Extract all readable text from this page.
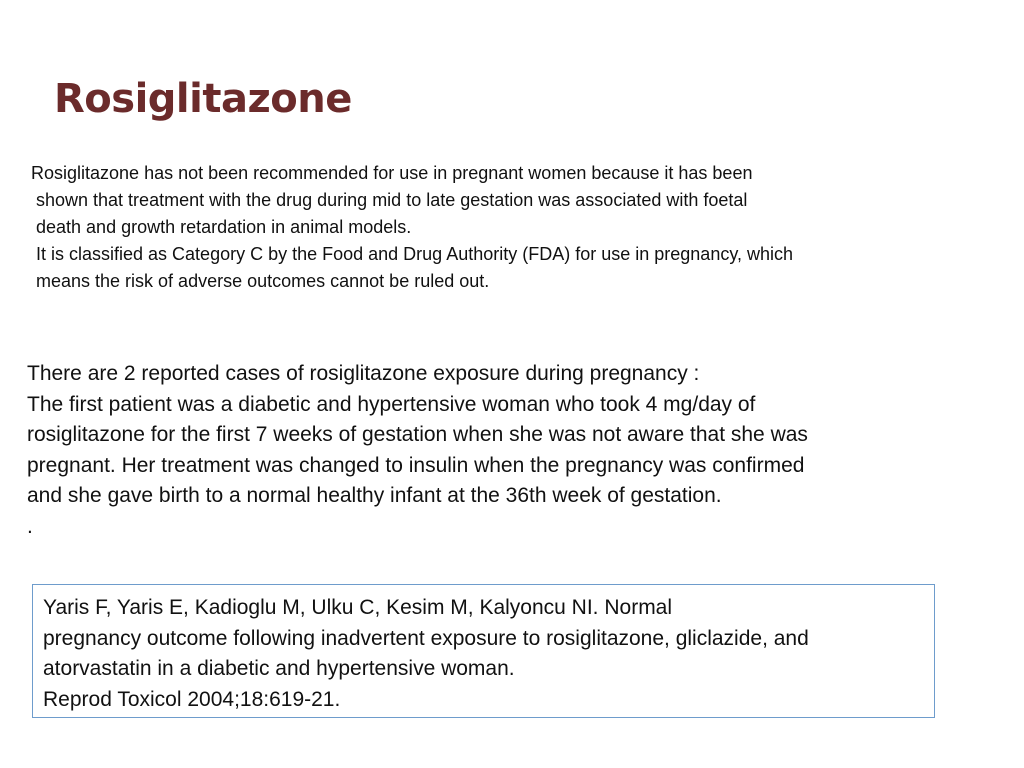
Rosiglitazone
Rosiglitazone has not been recommended for use in pregnant women because it has been
shown that treatment with the drug during mid to late gestation was associated with foetal
death and growth retardation in animal models.
It is classified as Category C by the Food and Drug Authority (FDA) for use in pregnancy, which
means the risk of adverse outcomes cannot be ruled out.
There are 2 reported cases of rosiglitazone exposure during pregnancy :
The first patient was a diabetic and hypertensive woman who took 4 mg/day of
rosiglitazone for the first 7 weeks of gestation when she was not aware that she was
pregnant. Her treatment was changed to insulin when the pregnancy was confirmed
and she gave birth to a normal healthy infant at the 36th week of gestation.
.
Yaris F, Yaris E, Kadioglu M, Ulku C, Kesim M, Kalyoncu NI. Normal
pregnancy outcome following inadvertent exposure to rosiglitazone, gliclazide, and
atorvastatin in a diabetic and hypertensive woman.
Reprod Toxicol 2004;18:619-21.
